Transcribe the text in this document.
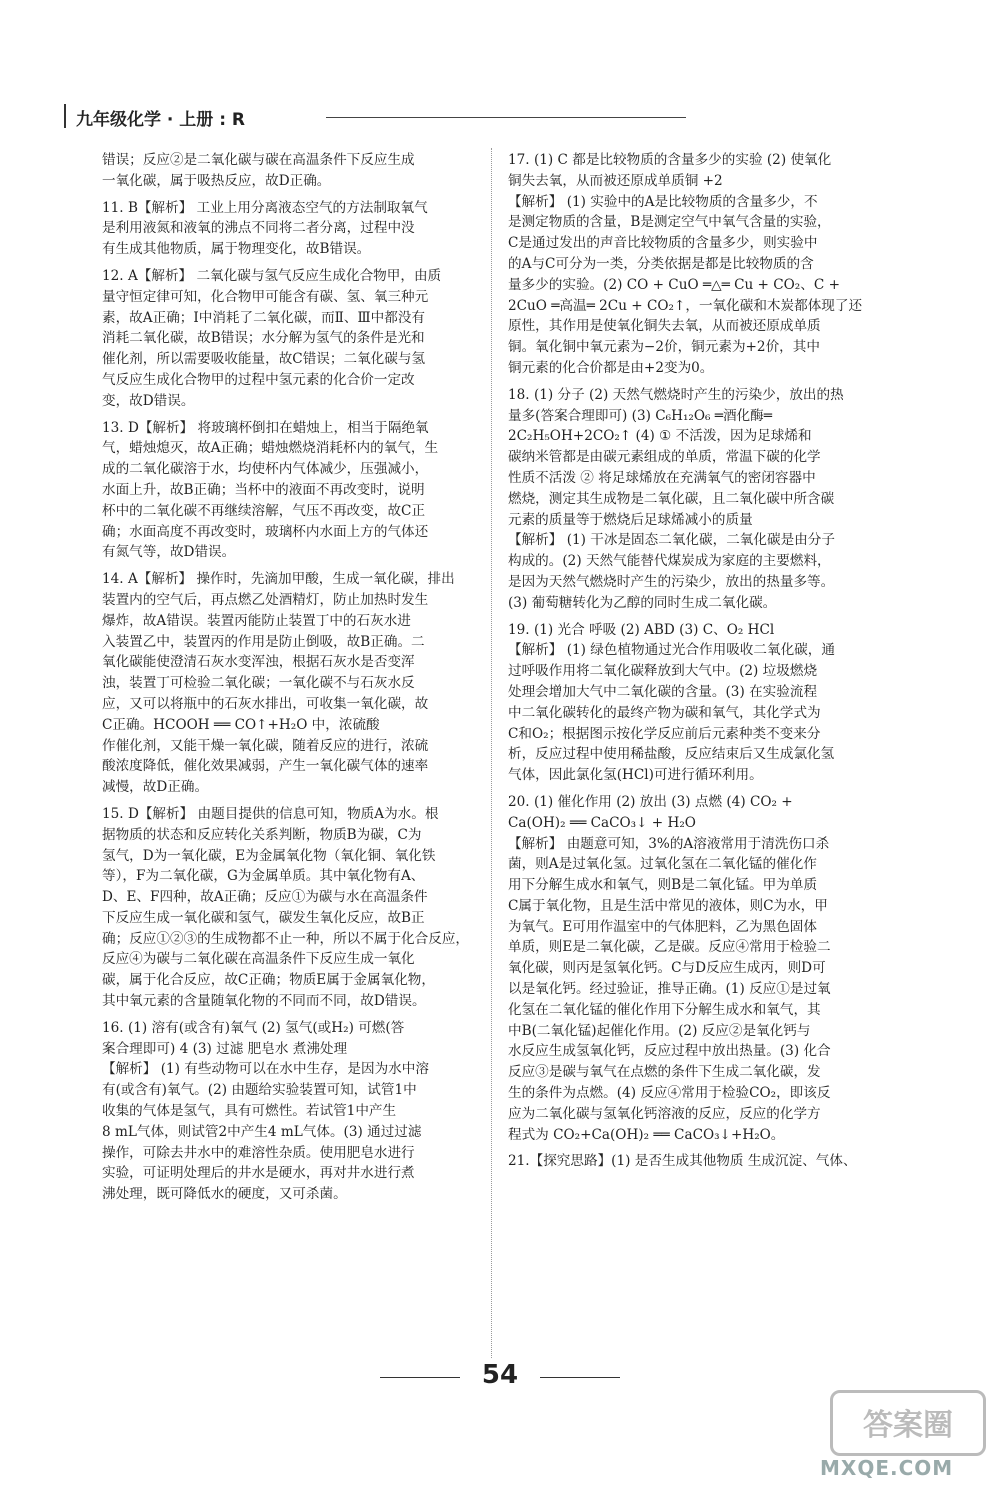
九年级化学 · 上册 : R
错误；反应②是二氧化碳与碳在高温条件下反应生成
一氧化碳，属于吸热反应，故D正确。
11. B【解析】 工业上用分离液态空气的方法制取氧气
是利用液氮和液氧的沸点不同将二者分离，过程中没
有生成其他物质，属于物理变化，故B错误。
12. A【解析】 二氧化碳与氢气反应生成化合物甲，由质
量守恒定律可知，化合物甲可能含有碳、氢、氧三种元
素，故A正确；Ⅰ中消耗了二氧化碳，而Ⅱ、Ⅲ中都没有
消耗二氧化碳，故B错误；水分解为氢气的条件是光和
催化剂，所以需要吸收能量，故C错误；二氧化碳与氢
气反应生成化合物甲的过程中氢元素的化合价一定改
变，故D错误。
13. D【解析】 将玻璃杯倒扣在蜡烛上，相当于隔绝氧
气，蜡烛熄灭，故A正确；蜡烛燃烧消耗杯内的氧气，生
成的二氧化碳溶于水，均使杯内气体减少，压强减小，
水面上升，故B正确；当杯中的液面不再改变时，说明
杯中的二氧化碳不再继续溶解，气压不再改变，故C正
确；水面高度不再改变时，玻璃杯内水面上方的气体还
有氮气等，故D错误。
14. A【解析】 操作时，先滴加甲酸，生成一氧化碳，排出
装置内的空气后，再点燃乙处酒精灯，防止加热时发生
爆炸，故A错误。装置丙能防止装置丁中的石灰水进
入装置乙中，装置丙的作用是防止倒吸，故B正确。二
氧化碳能使澄清石灰水变浑浊，根据石灰水是否变浑
浊，装置丁可检验二氧化碳；一氧化碳不与石灰水反
应，又可以将瓶中的石灰水排出，可收集一氧化碳，故
C正确。HCOOH ══ CO↑+H₂O 中，浓硫酸
作催化剂，又能干燥一氧化碳，随着反应的进行，浓硫
酸浓度降低，催化效果减弱，产生一氧化碳气体的速率
减慢，故D正确。
15. D【解析】 由题目提供的信息可知，物质A为水。根
据物质的状态和反应转化关系判断，物质B为碳，C为
氢气，D为一氧化碳，E为金属氧化物（氧化铜、氧化铁
等），F为二氧化碳，G为金属单质。其中氧化物有A、
D、E、F四种，故A正确；反应①为碳与水在高温条件
下反应生成一氧化碳和氢气，碳发生氧化反应，故B正
确；反应①②③的生成物都不止一种，所以不属于化合反应，
反应④为碳与二氧化碳在高温条件下反应生成一氧化
碳，属于化合反应，故C正确；物质E属于金属氧化物，
其中氧元素的含量随氧化物的不同而不同，故D错误。
16. (1) 溶有(或含有)氧气 (2) 氢气(或H₂) 可燃(答
案合理即可) 4 (3) 过滤 肥皂水 煮沸处理
【解析】 (1) 有些动物可以在水中生存，是因为水中溶
有(或含有)氧气。(2) 由题给实验装置可知，试管1中
收集的气体是氢气，具有可燃性。若试管1中产生
8 mL气体，则试管2中产生4 mL气体。(3) 通过过滤
操作，可除去井水中的难溶性杂质。使用肥皂水进行
实验，可证明处理后的井水是硬水，再对井水进行煮
沸处理，既可降低水的硬度，又可杀菌。
17. (1) C 都是比较物质的含量多少的实验 (2) 使氧化
铜失去氧，从而被还原成单质铜 +2
【解析】 (1) 实验中的A是比较物质的含量多少，不
是测定物质的含量，B是测定空气中氧气含量的实验，
C是通过发出的声音比较物质的含量多少，则实验中
的A与C可分为一类，分类依据是都是比较物质的含
量多少的实验。(2) CO + CuO ═△═ Cu + CO₂、C +
2CuO ═高温═ 2Cu + CO₂↑，一氧化碳和木炭都体现了还
原性，其作用是使氧化铜失去氧，从而被还原成单质
铜。氧化铜中氧元素为−2价，铜元素为+2价，其中
铜元素的化合价都是由+2变为0。
18. (1) 分子 (2) 天然气燃烧时产生的污染少，放出的热
量多(答案合理即可) (3) C₆H₁₂O₆ ═酒化酶═
2C₂H₅OH+2CO₂↑ (4) ① 不活泼，因为足球烯和
碳纳米管都是由碳元素组成的单质，常温下碳的化学
性质不活泼 ② 将足球烯放在充满氧气的密闭容器中
燃烧，测定其生成物是二氧化碳，且二氧化碳中所含碳
元素的质量等于燃烧后足球烯减小的质量
【解析】 (1) 干冰是固态二氧化碳，二氧化碳是由分子
构成的。(2) 天然气能替代煤炭成为家庭的主要燃料，
是因为天然气燃烧时产生的污染少，放出的热量多等。
(3) 葡萄糖转化为乙醇的同时生成二氧化碳。
19. (1) 光合 呼吸 (2) ABD (3) C、O₂ HCl
【解析】 (1) 绿色植物通过光合作用吸收二氧化碳，通
过呼吸作用将二氧化碳释放到大气中。(2) 垃圾燃烧
处理会增加大气中二氧化碳的含量。(3) 在实验流程
中二氧化碳转化的最终产物为碳和氧气，其化学式为
C和O₂；根据图示按化学反应前后元素种类不变来分
析，反应过程中使用稀盐酸，反应结束后又生成氯化氢
气体，因此氯化氢(HCl)可进行循环利用。
20. (1) 催化作用 (2) 放出 (3) 点燃 (4) CO₂ +
Ca(OH)₂ ══ CaCO₃↓ + H₂O
【解析】 由题意可知，3%的A溶液常用于清洗伤口杀
菌，则A是过氧化氢。过氧化氢在二氧化锰的催化作
用下分解生成水和氧气，则B是二氧化锰。甲为单质
C属于氧化物，且是生活中常见的液体，则C为水，甲
为氧气。E可用作温室中的气体肥料，乙为黑色固体
单质，则E是二氧化碳，乙是碳。反应④常用于检验二
氧化碳，则丙是氢氧化钙。C与D反应生成丙，则D可
以是氧化钙。经过验证，推导正确。(1) 反应①是过氧
化氢在二氧化锰的催化作用下分解生成水和氧气，其
中B(二氧化锰)起催化作用。(2) 反应②是氧化钙与
水反应生成氢氧化钙，反应过程中放出热量。(3) 化合
反应③是碳与氧气在点燃的条件下生成二氧化碳，发
生的条件为点燃。(4) 反应④常用于检验CO₂，即该反
应为二氧化碳与氢氧化钙溶液的反应，反应的化学方
程式为 CO₂+Ca(OH)₂ ══ CaCO₃↓+H₂O。
21.【探究思路】(1) 是否生成其他物质 生成沉淀、气体、
54
答案圈
MXQE.COM
